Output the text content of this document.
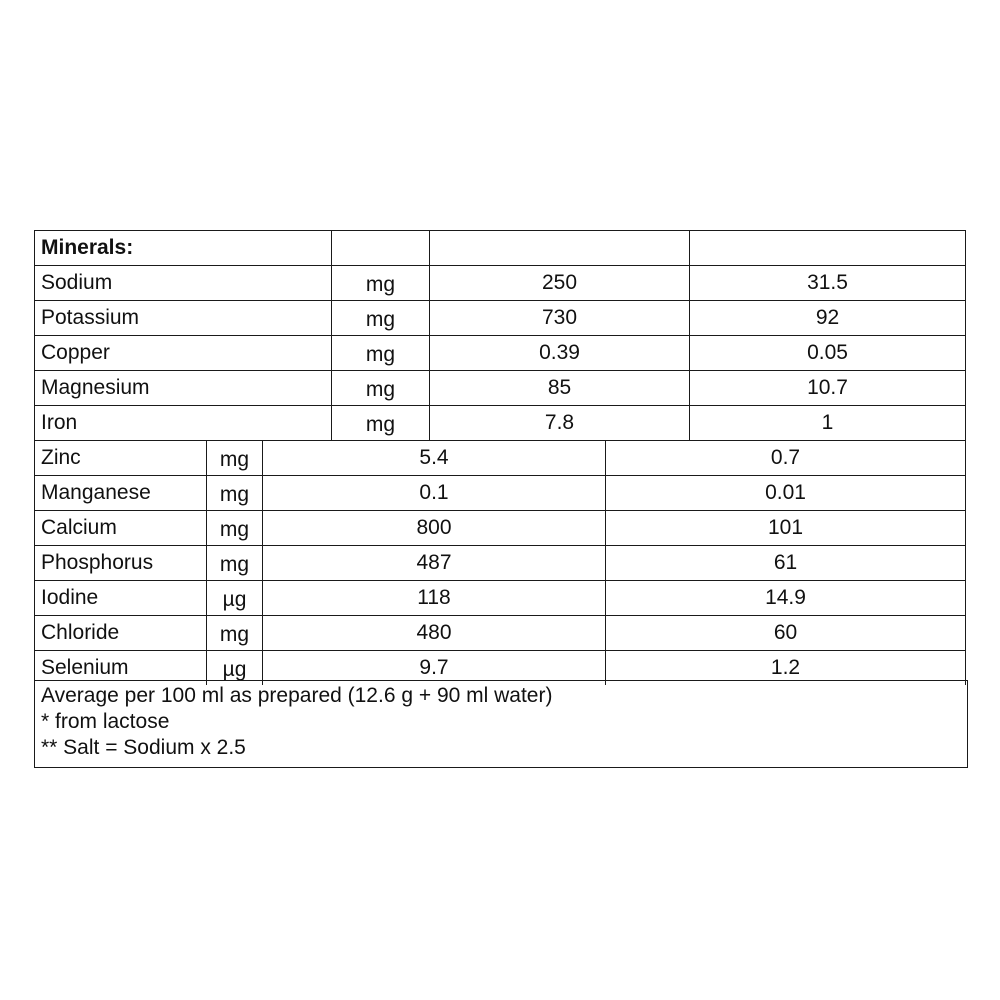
Minerals:
Sodium	mg	250	31.5
Potassium	mg	730	92
Copper	mg	0.39	0.05
Magnesium	mg	85	10.7
Iron	mg	7.8	1
Zinc	mg	5.4	0.7
Manganese	mg	0.1	0.01
Calcium	mg	800	101
Phosphorus	mg	487	61
Iodine	µg	118	14.9
Chloride	mg	480	60
Selenium	µg	9.7	1.2
Average per 100 ml as prepared (12.6 g + 90 ml water)
* from lactose
** Salt = Sodium x 2.5
